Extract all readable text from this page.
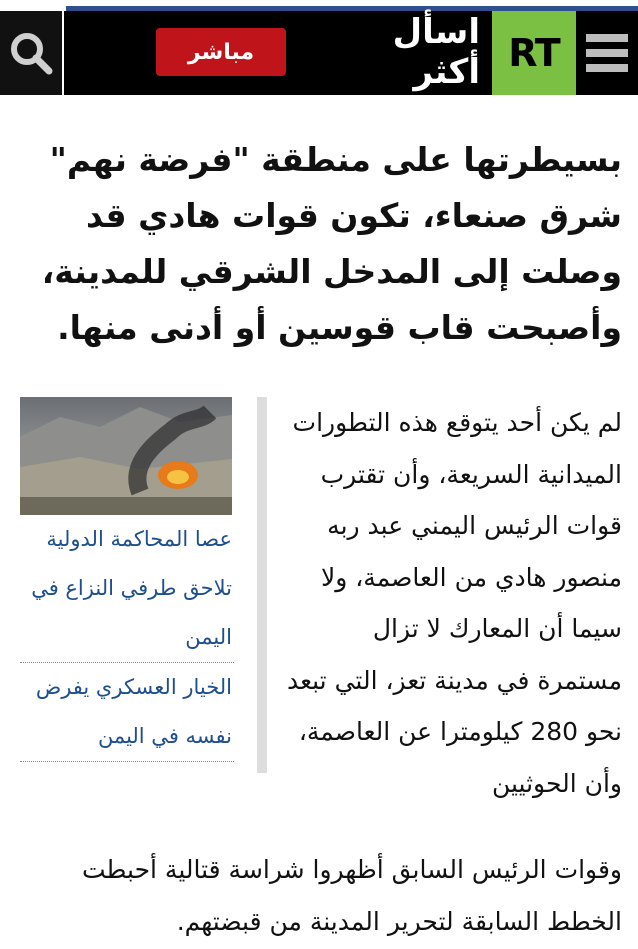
مباشر	اسأل أكثر RT

بسيطرتها على منطقة "فرضة نهم" شرق صنعاء، تكون قوات هادي قد وصلت إلى المدخل الشرقي للمدينة، وأصبحت قاب قوسين أو أدنى منها.

عصا المحاكمة الدولية تلاحق طرفي النزاع في اليمن
الخيار العسكري يفرض نفسه في اليمن

لم يكن أحد يتوقع هذه التطورات الميدانية السريعة، وأن تقترب قوات الرئيس اليمني عبد ربه منصور هادي من العاصمة، ولا سيما أن المعارك لا تزال مستمرة في مدينة تعز، التي تبعد نحو 280 كيلومترا عن العاصمة، وأن الحوثيين

وقوات الرئيس السابق أظهروا شراسة قتالية أحبطت الخطط السابقة لتحرير المدينة من قبضتهم.
